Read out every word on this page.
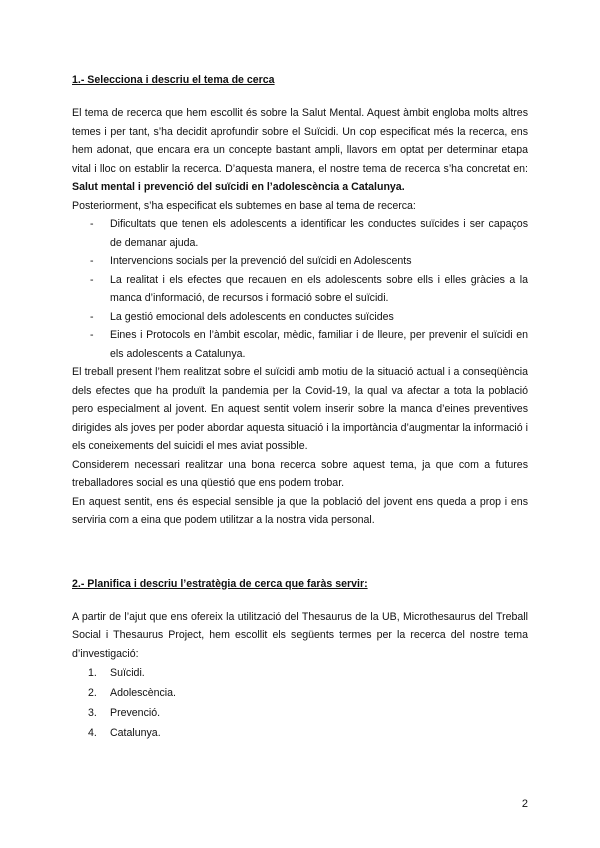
1.- Selecciona i descriu el tema de cerca

El tema de recerca que hem escollit és sobre la Salut Mental. Aquest àmbit engloba molts altres temes i per tant, s’ha decidit aprofundir sobre el Suïcidi. Un cop especificat més la recerca, ens hem adonat, que encara era un concepte bastant ampli, llavors em optat per determinar etapa vital i lloc on establir la recerca. D’aquesta manera, el nostre tema de recerca s’ha concretat en: Salut mental i prevenció del suïcidi en l’adolescència a Catalunya.

Posteriorment, s’ha especificat els subtemes en base al tema de recerca:

- Dificultats que tenen els adolescents a identificar les conductes suïcides i ser capaços de demanar ajuda.
- Intervencions socials per la prevenció del suïcidi en Adolescents
- La realitat i els efectes que recauen en els adolescents sobre ells i elles gràcies a la manca d’informació, de recursos i formació sobre el suïcidi.
- La gestió emocional dels adolescents en conductes suïcides
- Eines i Protocols en l’àmbit escolar, mèdic, familiar i de lleure, per prevenir el suïcidi en els adolescents a Catalunya.

El treball present l’hem realitzat sobre el suïcidi amb motiu de la situació actual i a conseqüència dels efectes que ha produït la pandemia per la Covid-19, la qual va afectar a tota la població pero especialment al jovent. En aquest sentit volem inserir sobre la manca d’eines preventives dirigides als joves per poder abordar aquesta situació i la importància d’augmentar la informació i els coneixements del suicidi el mes aviat possible.

Considerem necessari realitzar una bona recerca sobre aquest tema, ja que com a futures treballadores social es una qüestió que ens podem trobar.

En aquest sentit, ens és especial sensible ja que la població del jovent ens queda a prop i ens serviria com a eina que podem utilitzar a la nostra vida personal.

2.- Planifica i descriu l’estratègia de cerca que faràs servir:

A partir de l’ajut que ens ofereix la utilització del Thesaurus de la UB, Microthesaurus del Treball Social i Thesaurus Project, hem escollit els següents termes per la recerca del nostre tema d’investigació:

1. Suïcidi.
2. Adolescència.
3. Prevenció.
4. Catalunya.
2
